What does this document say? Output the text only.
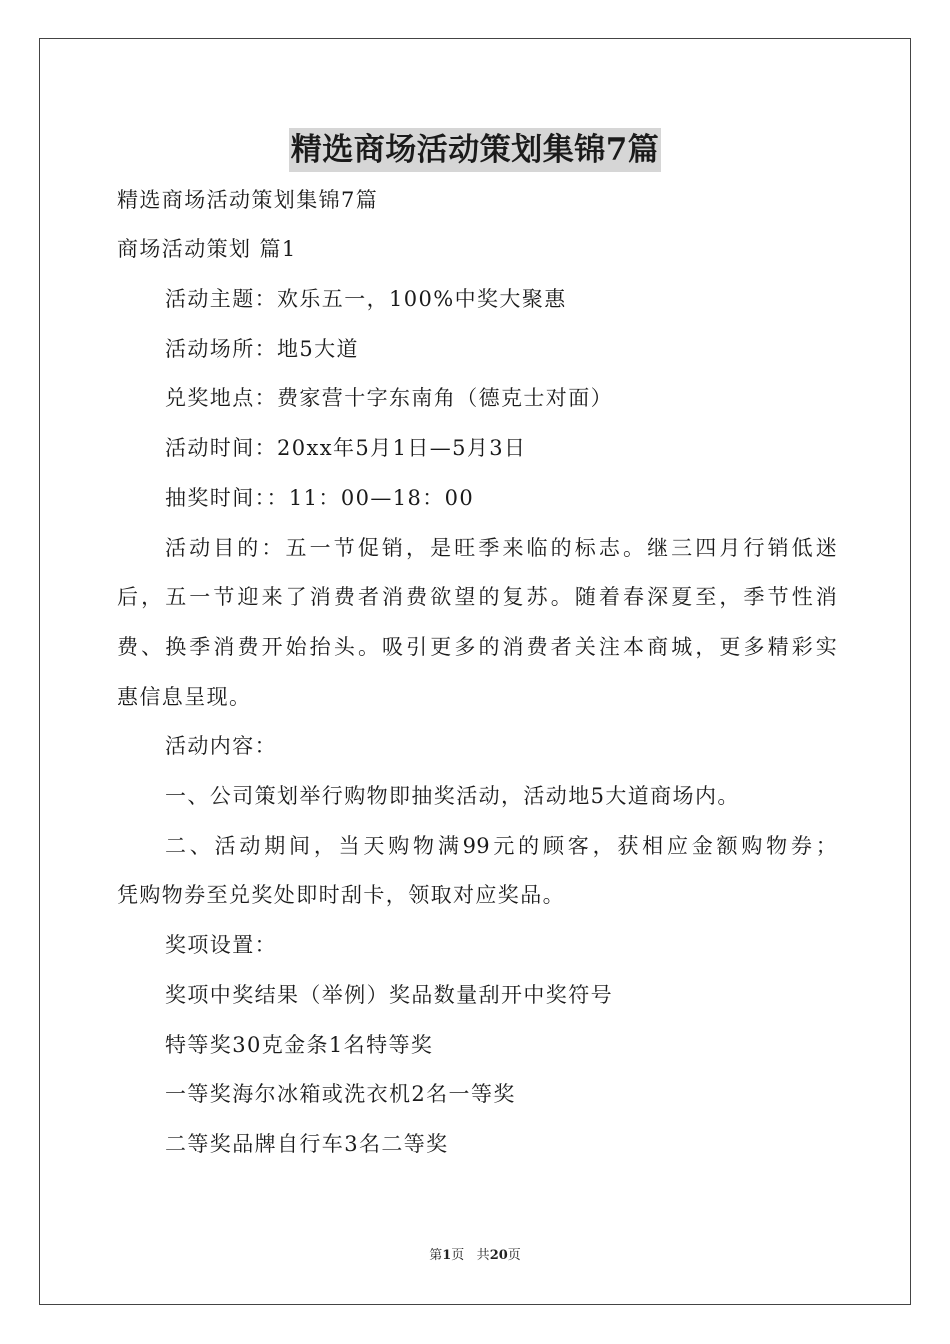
精选商场活动策划集锦7篇

精选商场活动策划集锦7篇

商场活动策划 篇1

活动主题：欢乐五一，100%中奖大聚惠

活动场所：地5大道

兑奖地点：费家营十字东南角（德克士对面）

活动时间：20xx年5月1日—5月3日

抽奖时间：：11：00—18：00

活动目的：五一节促销，是旺季来临的标志。继三四月行销低迷

后，五一节迎来了消费者消费欲望的复苏。随着春深夏至，季节性消

费、换季消费开始抬头。吸引更多的消费者关注本商城，更多精彩实

惠信息呈现。

活动内容：

一、公司策划举行购物即抽奖活动，活动地5大道商场内。

二、活动期间，当天购物满99元的顾客，获相应金额购物券；

凭购物券至兑奖处即时刮卡，领取对应奖品。

奖项设置：

奖项中奖结果（举例）奖品数量刮开中奖符号

特等奖30克金条1名特等奖

一等奖海尔冰箱或洗衣机2名一等奖

二等奖品牌自行车3名二等奖

第1页 共20页
